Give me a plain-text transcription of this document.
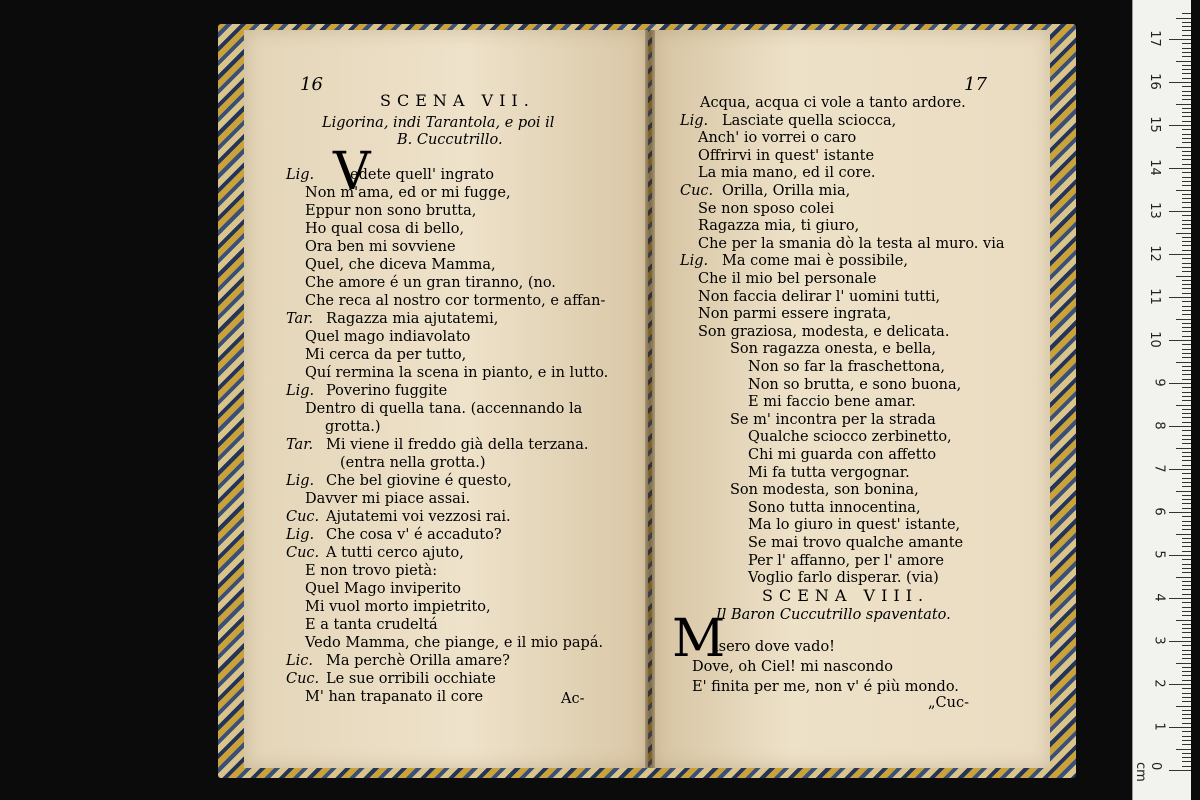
16
SCENA VII.
Ligorina, indi Tarantola, e poi il
B. Cuccutrillo.
V
Lig. edete quell' ingrato
Non m'ama, ed or mi fugge,
Eppur non sono brutta,
Ho qual cosa di bello,
Ora ben mi sovviene
Quel, che diceva Mamma,
Che amore é un gran tiranno, (no.
Che reca al nostro cor tormento, e affan-
Tar. Ragazza mia ajutatemi,
Quel mago indiavolato
Mi cerca da per tutto,
Quí rermina la scena in pianto, e in lutto.
Lig. Poverino fuggite
Dentro di quella tana. (accennando la
grotta.)
Tar. Mi viene il freddo già della terzana.
(entra nella grotta.)
Lig. Che bel giovine é questo,
Davver mi piace assai.
Cuc. Ajutatemi voi vezzosi rai.
Lig. Che cosa v' é accaduto?
Cuc. A tutti cerco ajuto,
E non trovo pietà:
Quel Mago inviperito
Mi vuol morto impietrito,
E a tanta crudeltá
Vedo Mamma, che piange, e il mio papá.
Lic. Ma perchè Orilla amare?
Cuc. Le sue orribili occhiate
M' han trapanato il core	Ac-
17
SCENA VIII.
Il Baron Cuccutrillo spaventato.
M
Acqua, acqua ci vole a tanto ardore.
Lig. Lasciate quella sciocca,
Anch' io vorrei o caro
Offrirvi in quest' istante
La mia mano, ed il core.
Cuc. Orilla, Orilla mia,
Se non sposo colei
Ragazza mia, ti giuro,
Che per la smania dò la testa al muro. via
Lig. Ma come mai è possibile,
Che il mio bel personale
Non faccia delirar l' uomini tutti,
Non parmi essere ingrata,
Son graziosa, modesta, e delicata.
Son ragazza onesta, e bella,
Non so far la fraschettona,
Non so brutta, e sono buona,
E mi faccio bene amar.
Se m' incontra per la strada
Qualche sciocco zerbinetto,
Chi mi guarda con affetto
Mi fa tutta vergognar.
Son modesta, son bonina,
Sono tutta innocentina,
Ma lo giuro in quest' istante,
Se mai trovo qualche amante
Per l' affanno, per l' amore
Voglio farlo disperar. (via)
isero dove vado!
Dove, oh Ciel! mi nascondo
E' finita per me, non v' é più mondo.
„Cuc-
17
16
15
14
13
12
11
10
9
8
7
6
5
4
3
2
1
0 cm
